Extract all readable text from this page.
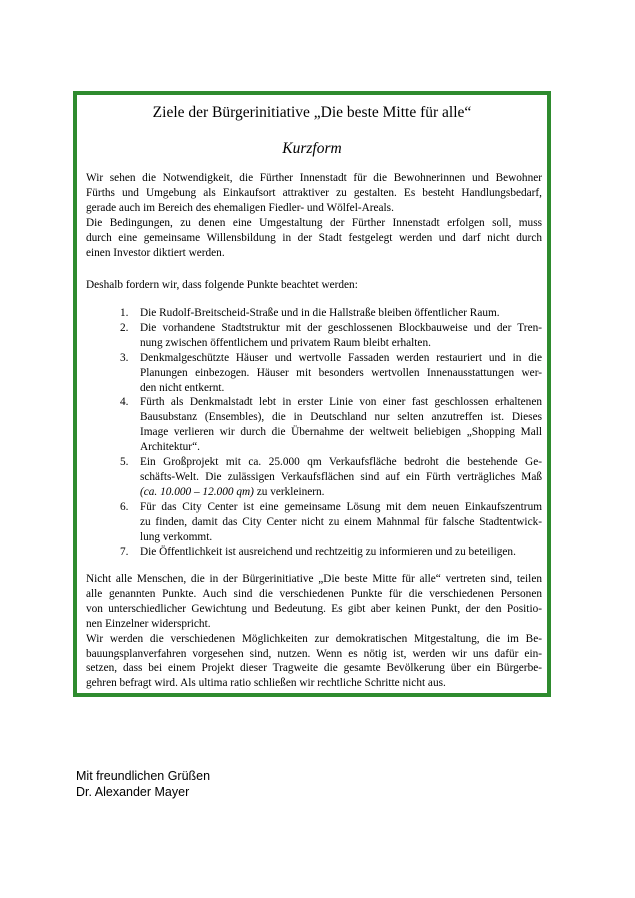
Ziele der Bürgerinitiative „Die beste Mitte für alle“
Kurzform
Wir sehen die Notwendigkeit, die Fürther Innenstadt für die Bewohnerinnen und Bewohner
Fürths und Umgebung als Einkaufsort attraktiver zu gestalten. Es besteht Handlungsbedarf,
gerade auch im Bereich des ehemaligen Fiedler- und Wölfel-Areals.
Die Bedingungen, zu denen eine Umgestaltung der Fürther Innenstadt erfolgen soll, muss
durch eine gemeinsame Willensbildung in der Stadt festgelegt werden und darf nicht durch
einen Investor diktiert werden.
Deshalb fordern wir, dass folgende Punkte beachtet werden:
1. Die Rudolf-Breitscheid-Straße und in die Hallstraße bleiben öffentlicher Raum.
2. Die vorhandene Stadtstruktur mit der geschlossenen Blockbauweise und der Tren-
nung zwischen öffentlichem und privatem Raum bleibt erhalten.
3. Denkmalgeschützte Häuser und wertvolle Fassaden werden restauriert und in die
Planungen einbezogen. Häuser mit besonders wertvollen Innenausstattungen wer-
den nicht entkernt.
4. Fürth als Denkmalstadt lebt in erster Linie von einer fast geschlossen erhaltenen
Bausubstanz (Ensembles), die in Deutschland nur selten anzutreffen ist. Dieses
Image verlieren wir durch die Übernahme der weltweit beliebigen „Shopping Mall
Architektur“.
5. Ein Großprojekt mit ca. 25.000 qm Verkaufsfläche bedroht die bestehende Ge-
schäfts-Welt. Die zulässigen Verkaufsflächen sind auf ein Fürth verträgliches Maß
(ca. 10.000 – 12.000 qm) zu verkleinern.
6. Für das City Center ist eine gemeinsame Lösung mit dem neuen Einkaufszentrum
zu finden, damit das City Center nicht zu einem Mahnmal für falsche Stadtentwick-
lung verkommt.
7. Die Öffentlichkeit ist ausreichend und rechtzeitig zu informieren und zu beteiligen.
Nicht alle Menschen, die in der Bürgerinitiative „Die beste Mitte für alle“ vertreten sind, teilen
alle genannten Punkte. Auch sind die verschiedenen Punkte für die verschiedenen Personen
von unterschiedlicher Gewichtung und Bedeutung. Es gibt aber keinen Punkt, der den Positio-
nen Einzelner widerspricht.
Wir werden die verschiedenen Möglichkeiten zur demokratischen Mitgestaltung, die im Be-
bauungsplanverfahren vorgesehen sind, nutzen. Wenn es nötig ist, werden wir uns dafür ein-
setzen, dass bei einem Projekt dieser Tragweite die gesamte Bevölkerung über ein Bürgerbe-
gehren befragt wird. Als ultima ratio schließen wir rechtliche Schritte nicht aus.
Mit freundlichen Grüßen
Dr. Alexander Mayer
